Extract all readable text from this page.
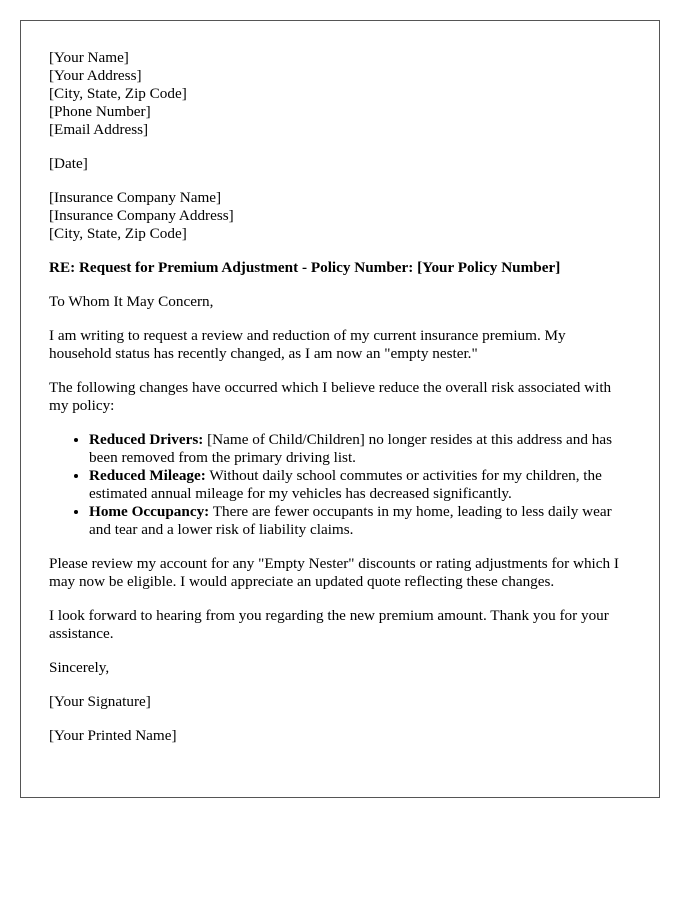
[Your Name]
[Your Address]
[City, State, Zip Code]
[Phone Number]
[Email Address]
[Date]
[Insurance Company Name]
[Insurance Company Address]
[City, State, Zip Code]

RE: Request for Premium Adjustment - Policy Number: [Your Policy Number]

To Whom It May Concern,

I am writing to request a review and reduction of my current insurance premium. My household status has recently changed, as I am now an "empty nester."

The following changes have occurred which I believe reduce the overall risk associated with my policy:

• Reduced Drivers: [Name of Child/Children] no longer resides at this address and has been removed from the primary driving list.
• Reduced Mileage: Without daily school commutes or activities for my children, the estimated annual mileage for my vehicles has decreased significantly.
• Home Occupancy: There are fewer occupants in my home, leading to less daily wear and tear and a lower risk of liability claims.

Please review my account for any "Empty Nester" discounts or rating adjustments for which I may now be eligible. I would appreciate an updated quote reflecting these changes.

I look forward to hearing from you regarding the new premium amount. Thank you for your assistance.

Sincerely,

[Your Signature]

[Your Printed Name]
